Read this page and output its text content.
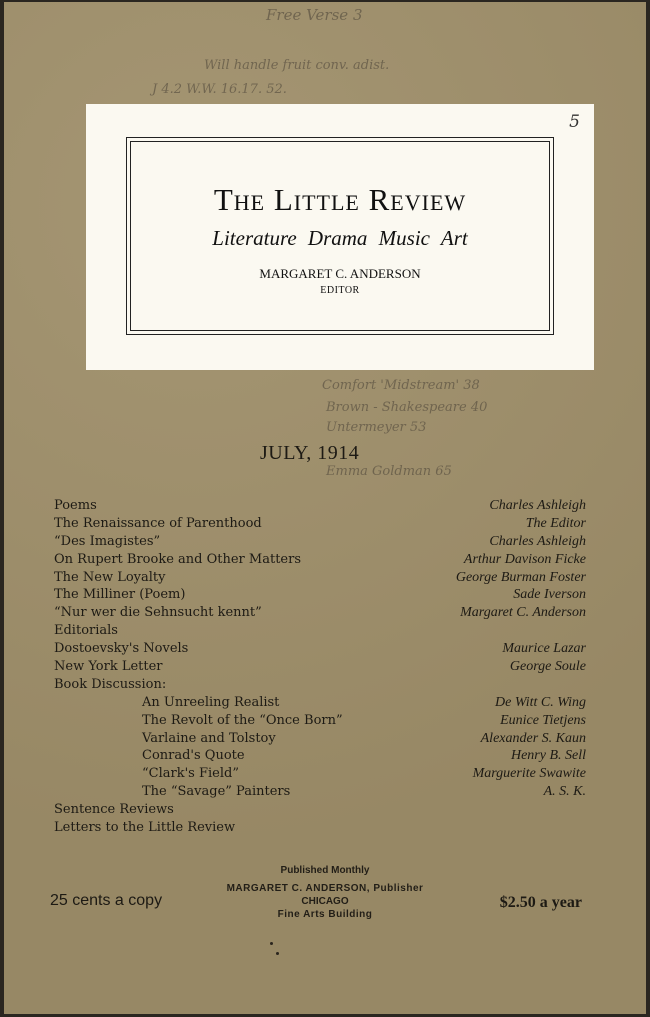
Free Verse 3
Will handle fruit conv. adist.
J 4.2 W.W. 16.17. 52.
5
The Little Review
Literature Drama Music Art
MARGARET C. ANDERSON
EDITOR
Comfort 'Midstream' 38
Brown - Shakespeare 40
Untermeyer 53
Emma Goldman 65
JULY, 1914
Poems	Charles Ashleigh
The Renaissance of Parenthood	The Editor
“Des Imagistes”	Charles Ashleigh
On Rupert Brooke and Other Matters	Arthur Davison Ficke
The New Loyalty	George Burman Foster
The Milliner (Poem)	Sade Iverson
“Nur wer die Sehnsucht kennt”	Margaret C. Anderson
Editorials
Dostoevsky's Novels	Maurice Lazar
New York Letter	George Soule
Book Discussion:
An Unreeling Realist	De Witt C. Wing
The Revolt of the “Once Born”	Eunice Tietjens
Varlaine and Tolstoy	Alexander S. Kaun
Conrad's Quote	Henry B. Sell
“Clark's Field”	Marguerite Swawite
The “Savage” Painters	A. S. K.
Sentence Reviews
Letters to the Little Review
Published Monthly
MARGARET C. ANDERSON, Publisher
CHICAGO
Fine Arts Building
25 cents a copy	$2.50 a year
